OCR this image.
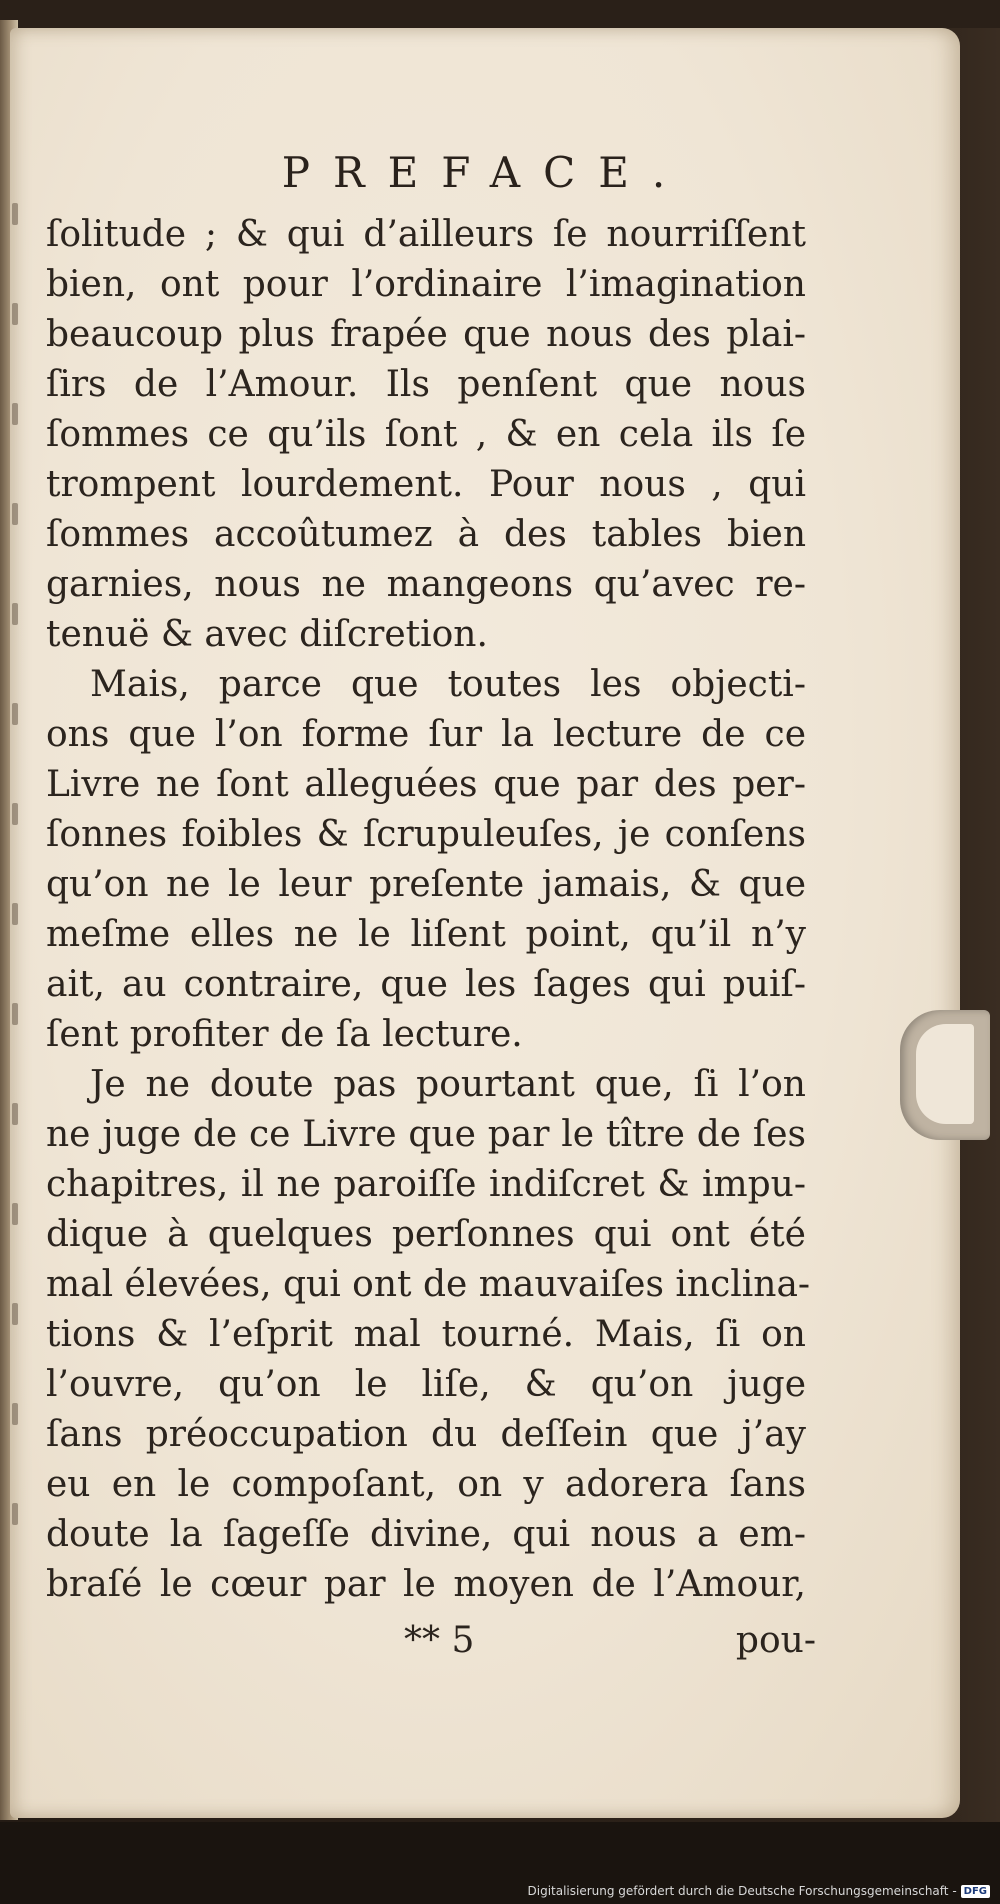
PREFACE.
ſolitude ; & qui d’ailleurs ſe nourriſſent
bien, ont pour l’ordinaire l’imagination
beaucoup plus frapée que nous des plai-
ſirs de l’Amour. Ils penſent que nous
ſommes ce qu’ils ſont , & en cela ils ſe
trompent lourdement. Pour nous , qui
ſommes accoûtumez à des tables bien
garnies, nous ne mangeons qu’avec re-
tenuë & avec diſcretion.
Mais, parce que toutes les objecti-
ons que l’on forme ſur la lecture de ce
Livre ne ſont alleguées que par des per-
ſonnes foibles & ſcrupuleuſes, je conſens
qu’on ne le leur preſente jamais, & que
meſme elles ne le liſent point, qu’il n’y
ait, au contraire, que les ſages qui puiſ-
ſent profiter de ſa lecture.
Je ne doute pas pourtant que, ſi l’on
ne juge de ce Livre que par le tître de ſes
chapitres, il ne paroiſſe indiſcret & impu-
dique à quelques perſonnes qui ont été
mal élevées, qui ont de mauvaiſes inclina-
tions & l’eſprit mal tourné. Mais, ſi on
l’ouvre, qu’on le liſe, & qu’on juge
ſans préoccupation du deſſein que j’ay
eu en le compoſant, on y adorera ſans
doute la ſageſſe divine, qui nous a em-
braſé le cœur par le moyen de l’Amour,
** 5	pou-
Digitalisierung gefördert durch die Deutsche Forschungsgemeinschaft - DFG
